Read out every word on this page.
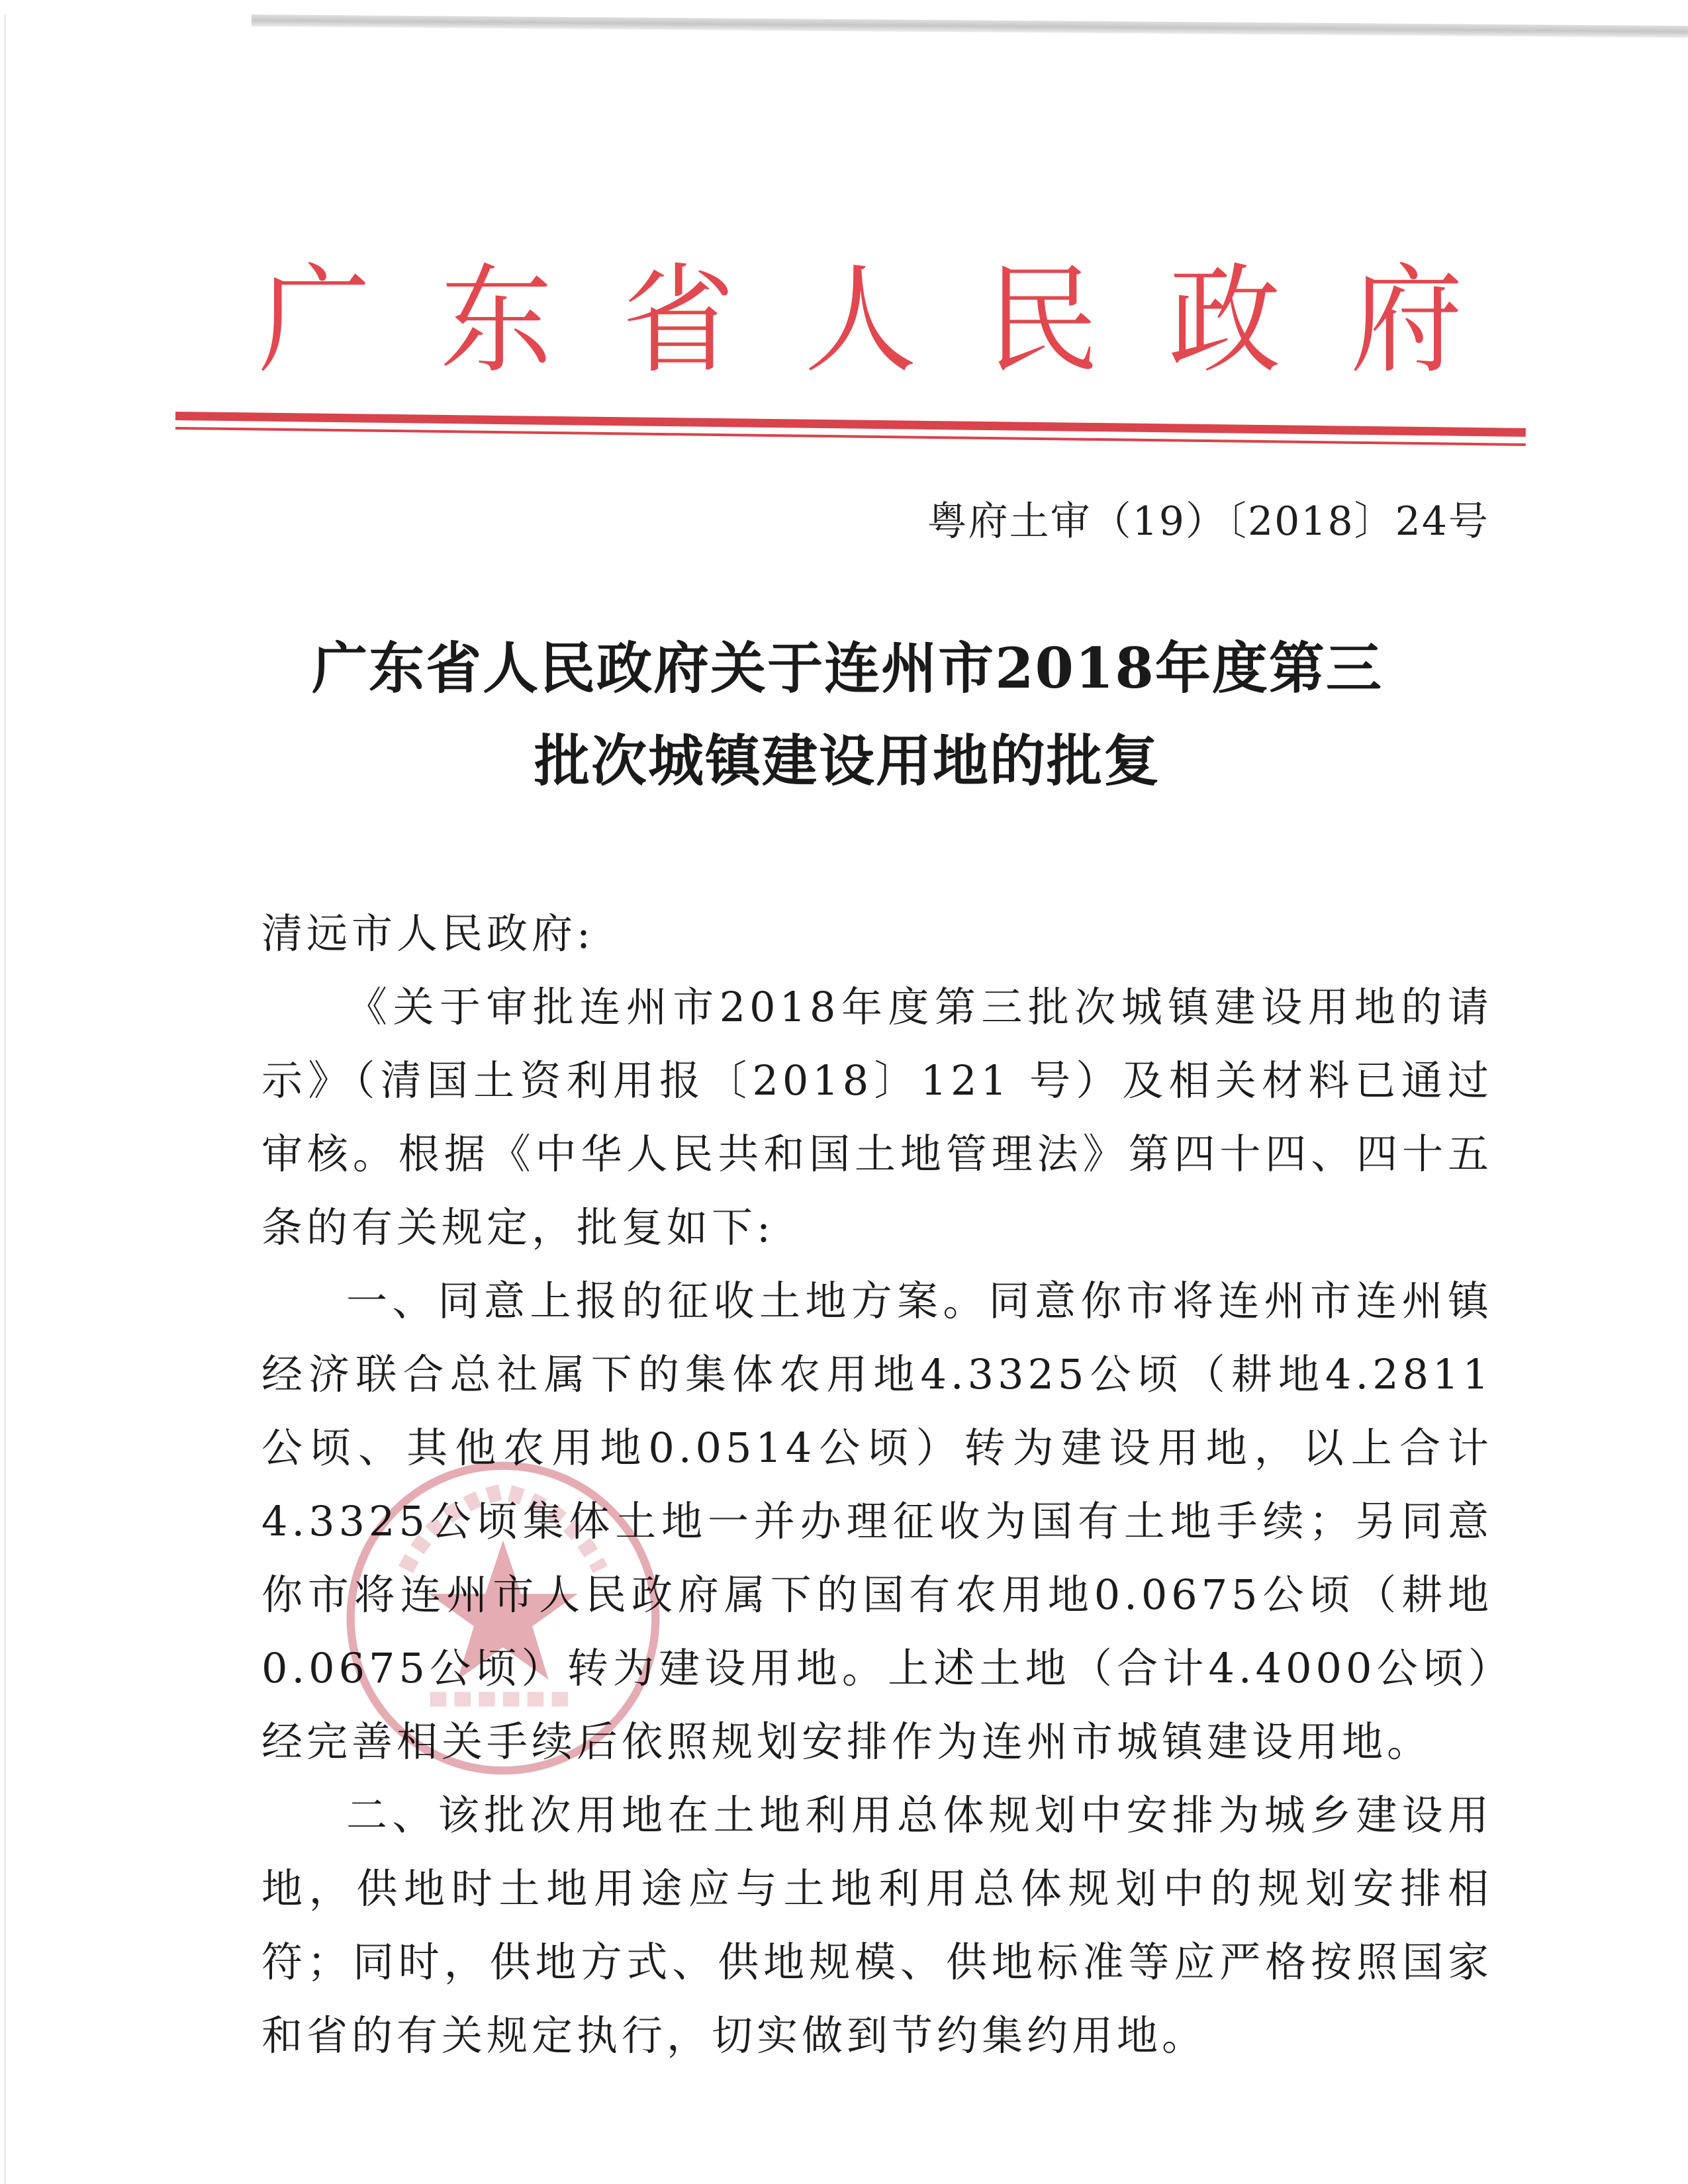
广 东 省 人 民 政 府
粤府土审（19）〔2018〕24号
广东省人民政府关于连州市2018年度第三
批次城镇建设用地的批复

清远市人民政府:

《关于审批连州市2018年度第三批次城镇建设用地的请示》（清国土资利用报〔2018〕121 号）及相关材料已通过审核。根据《中华人民共和国土地管理法》第四十四、四十五条的有关规定，批复如下:

一、同意上报的征收土地方案。同意你市将连州市连州镇经济联合总社属下的集体农用地4.3325公顷（耕地4.2811公顷、其他农用地0.0514公顷）转为建设用地，以上合计4.3325公顷集体土地一并办理征收为国有土地手续；另同意你市将连州市人民政府属下的国有农用地0.0675公顷（耕地0.0675公顷）转为建设用地。上述土地（合计4.4000公顷）经完善相关手续后依照规划安排作为连州市城镇建设用地。

二、该批次用地在土地利用总体规划中安排为城乡建设用地，供地时土地用途应与土地利用总体规划中的规划安排相符；同时，供地方式、供地规模、供地标准等应严格按照国家和省的有关规定执行，切实做到节约集约用地。
